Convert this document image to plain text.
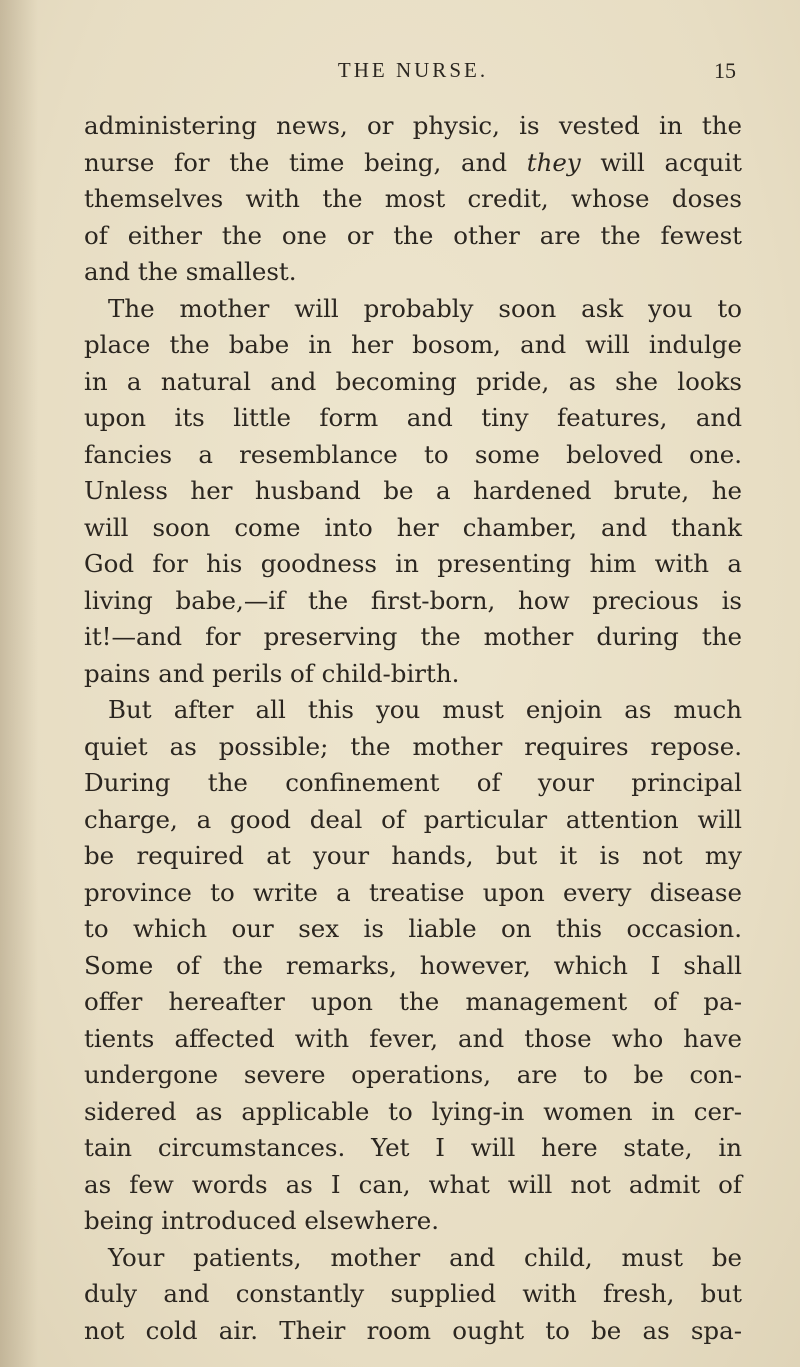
THE NURSE.	15
administering news, or physic, is vested in the
nurse for the time being, and they will acquit
themselves with the most credit, whose doses
of either the one or the other are the fewest
and the smallest.
The mother will probably soon ask you to
place the babe in her bosom, and will indulge
in a natural and becoming pride, as she looks
upon its little form and tiny features, and
fancies a resemblance to some beloved one.
Unless her husband be a hardened brute, he
will soon come into her chamber, and thank
God for his goodness in presenting him with a
living babe,—if the first-born, how precious is
it!—and for preserving the mother during the
pains and perils of child-birth.
But after all this you must enjoin as much
quiet as possible; the mother requires repose.
During the confinement of your principal
charge, a good deal of particular attention will
be required at your hands, but it is not my
province to write a treatise upon every disease
to which our sex is liable on this occasion.
Some of the remarks, however, which I shall
offer hereafter upon the management of pa-
tients affected with fever, and those who have
undergone severe operations, are to be con-
sidered as applicable to lying-in women in cer-
tain circumstances. Yet I will here state, in
as few words as I can, what will not admit of
being introduced elsewhere.
Your patients, mother and child, must be
duly and constantly supplied with fresh, but
not cold air. Their room ought to be as spa-
